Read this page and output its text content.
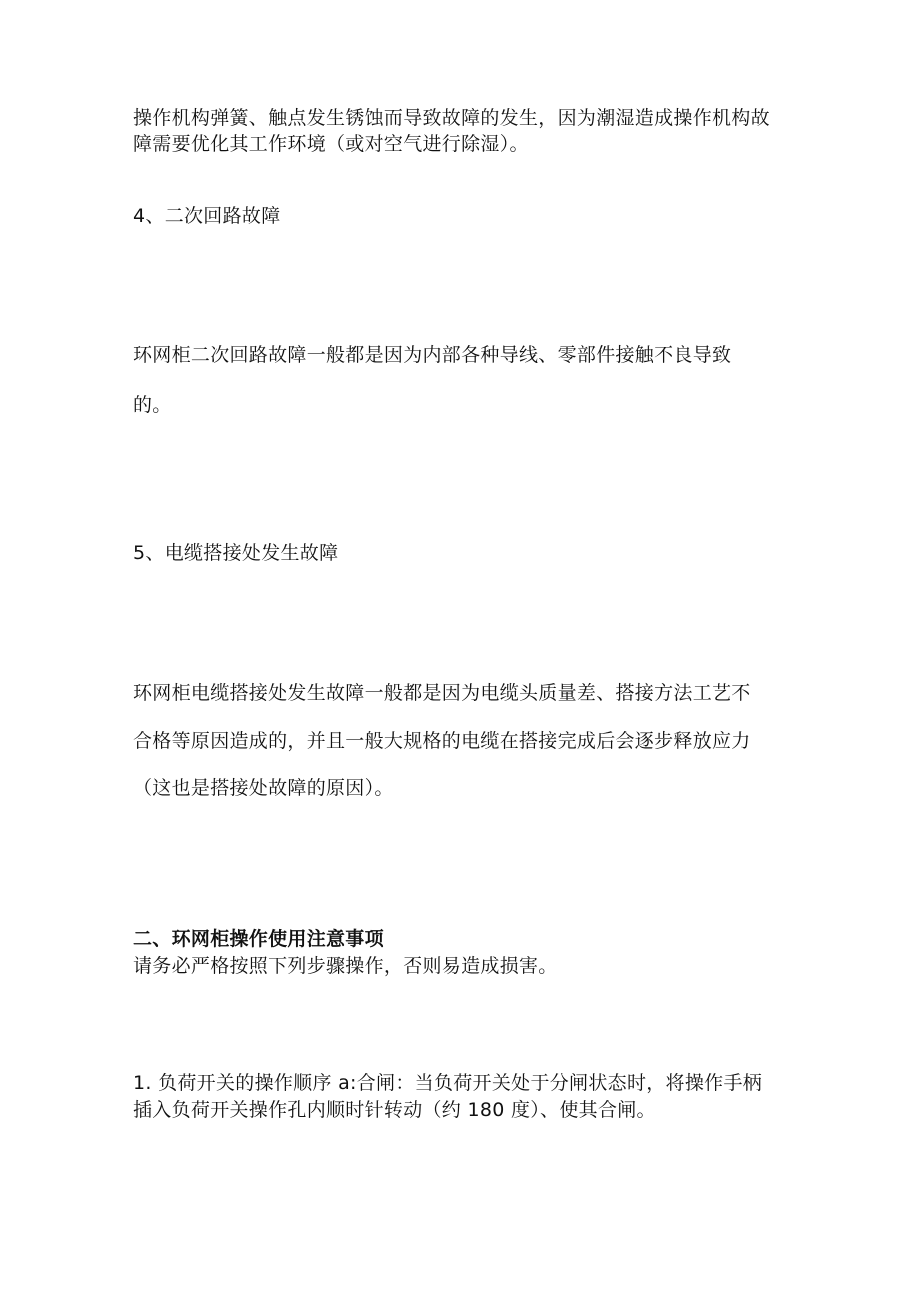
操作机构弹簧、触点发生锈蚀而导致故障的发生，因为潮湿造成操作机构故
障需要优化其工作环境（或对空气进行除湿）。
4、二次回路故障
环网柜二次回路故障一般都是因为内部各种导线、零部件接触不良导致
的。
5、电缆搭接处发生故障
环网柜电缆搭接处发生故障一般都是因为电缆头质量差、搭接方法工艺不
合格等原因造成的，并且一般大规格的电缆在搭接完成后会逐步释放应力
（这也是搭接处故障的原因）。
二、环网柜操作使用注意事项
请务必严格按照下列步骤操作，否则易造成损害。
1. 负荷开关的操作顺序 a:合闸：当负荷开关处于分闸状态时，将操作手柄
插入负荷开关操作孔内顺时针转动（约 180 度）、使其合闸。
